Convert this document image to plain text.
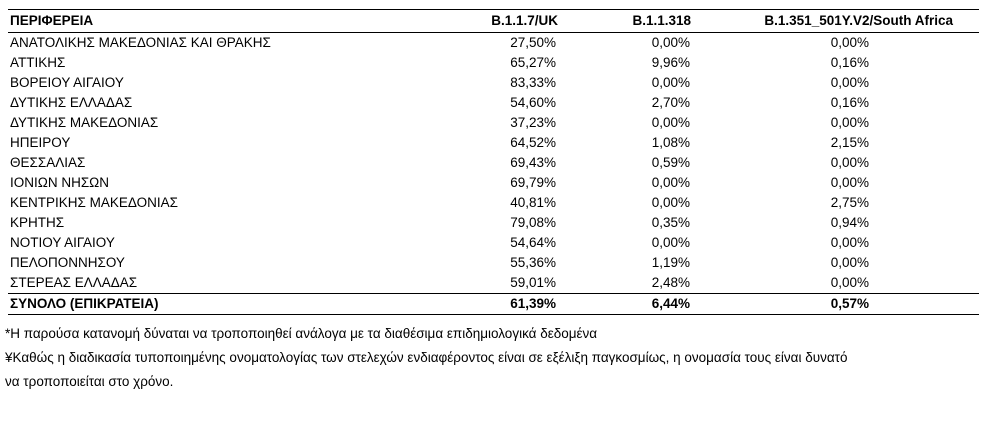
ΠΕΡΙΦΕΡΕΙΑ	B.1.1.7/UK	B.1.1.318	B.1.351_501Y.V2/South Africa
ΑΝΑΤΟΛΙΚΗΣ ΜΑΚΕΔΟΝΙΑΣ ΚΑΙ ΘΡΑΚΗΣ	27,50%	0,00%	0,00%
ΑΤΤΙΚΗΣ	65,27%	9,96%	0,16%
ΒΟΡΕΙΟΥ ΑΙΓΑΙΟΥ	83,33%	0,00%	0,00%
ΔΥΤΙΚΗΣ ΕΛΛΑΔΑΣ	54,60%	2,70%	0,16%
ΔΥΤΙΚΗΣ ΜΑΚΕΔΟΝΙΑΣ	37,23%	0,00%	0,00%
ΗΠΕΙΡΟΥ	64,52%	1,08%	2,15%
ΘΕΣΣΑΛΙΑΣ	69,43%	0,59%	0,00%
ΙΟΝΙΩΝ ΝΗΣΩΝ	69,79%	0,00%	0,00%
ΚΕΝΤΡΙΚΗΣ ΜΑΚΕΔΟΝΙΑΣ	40,81%	0,00%	2,75%
ΚΡΗΤΗΣ	79,08%	0,35%	0,94%
ΝΟΤΙΟΥ ΑΙΓΑΙΟΥ	54,64%	0,00%	0,00%
ΠΕΛΟΠΟΝΝΗΣΟΥ	55,36%	1,19%	0,00%
ΣΤΕΡΕΑΣ ΕΛΛΑΔΑΣ	59,01%	2,48%	0,00%
ΣΥΝΟΛΟ (ΕΠΙΚΡΑΤΕΙΑ)	61,39%	6,44%	0,57%

*Η παρούσα κατανομή δύναται να τροποποιηθεί ανάλογα με τα διαθέσιμα επιδημιολογικά δεδομένα

¥Καθώς η διαδικασία τυποποιημένης ονοματολογίας των στελεχών ενδιαφέροντος είναι σε εξέλιξη παγκοσμίως, η ονομασία τους είναι δυνατό

να τροποποιείται στο χρόνο.
